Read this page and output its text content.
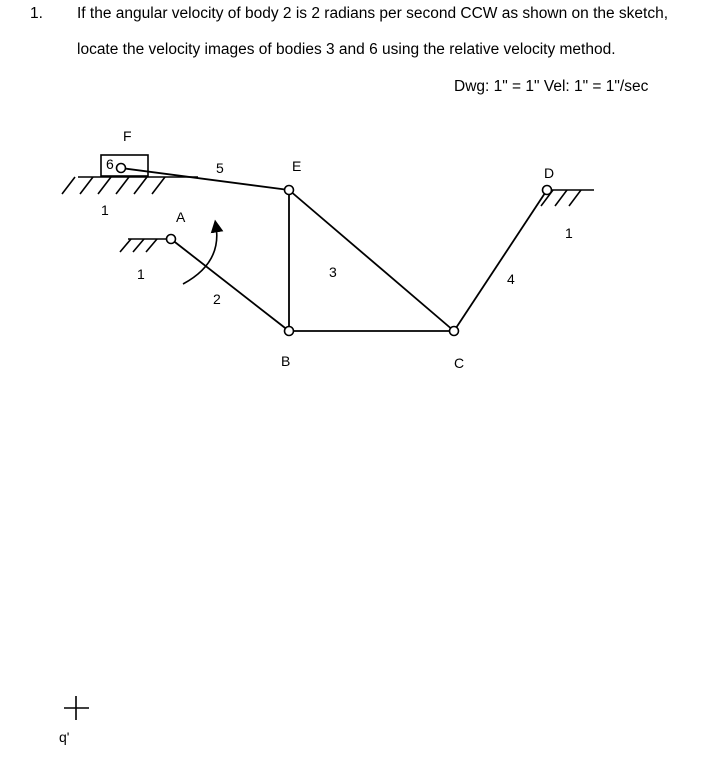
1. If the angular velocity of body 2 is 2 radians per second CCW as shown on the sketch,
locate the velocity images of bodies 3 and 6 using the relative velocity method.
Dwg: 1" = 1" Vel: 1" = 1"/sec
F
6	5	E	D
1	A
1
1	3	4
2
B	C
q'
